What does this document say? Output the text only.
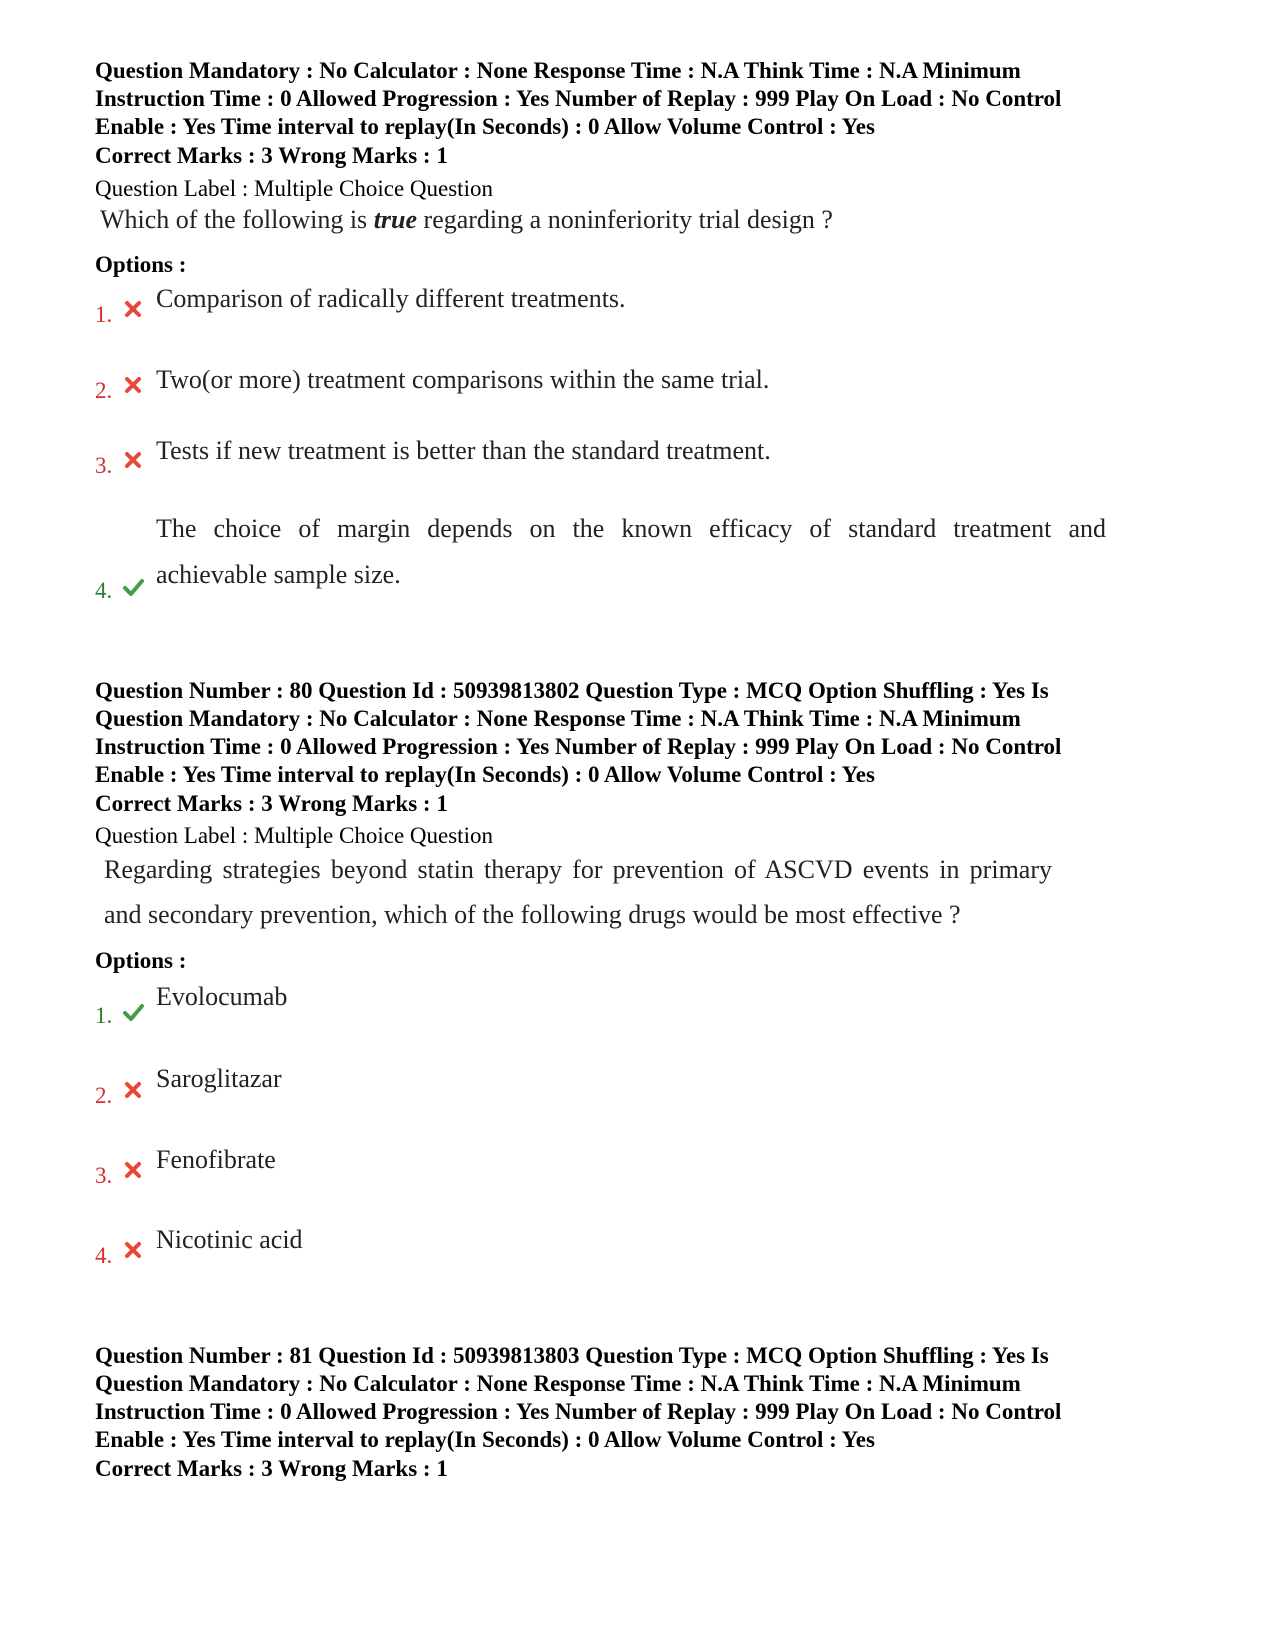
Question Mandatory : No Calculator : None Response Time : N.A Think Time : N.A Minimum

Instruction Time : 0 Allowed Progression : Yes Number of Replay : 999 Play On Load : No Control

Enable : Yes Time interval to replay(In Seconds) : 0 Allow Volume Control : Yes

Correct Marks : 3 Wrong Marks : 1
Question Label : Multiple Choice Question
Which of the following is true regarding a noninferiority trial design ?
Options :
1.
Comparison of radically different treatments.
2. Two(or more) treatment comparisons within the same trial.
3.
Tests if new treatment is better than the standard treatment.
4.

The choice of margin depends on the known efficacy of standard treatment and

achievable sample size.

Question Number : 80 Question Id : 50939813802 Question Type : MCQ Option Shuffling : Yes Is

Question Mandatory : No Calculator : None Response Time : N.A Think Time : N.A Minimum

Instruction Time : 0 Allowed Progression : Yes Number of Replay : 999 Play On Load : No Control

Enable : Yes Time interval to replay(In Seconds) : 0 Allow Volume Control : Yes

Correct Marks : 3 Wrong Marks : 1
Question Label : Multiple Choice Question

Regarding strategies beyond statin therapy for prevention of ASCVD events in primary

and secondary prevention, which of the following drugs would be most effective ?

Options :
1.
Evolocumab
2.
Saroglitazar
3.
Fenofibrate
4.
Nicotinic acid

Question Number : 81 Question Id : 50939813803 Question Type : MCQ Option Shuffling : Yes Is

Question Mandatory : No Calculator : None Response Time : N.A Think Time : N.A Minimum

Instruction Time : 0 Allowed Progression : Yes Number of Replay : 999 Play On Load : No Control

Enable : Yes Time interval to replay(In Seconds) : 0 Allow Volume Control : Yes

Correct Marks : 3 Wrong Marks : 1
